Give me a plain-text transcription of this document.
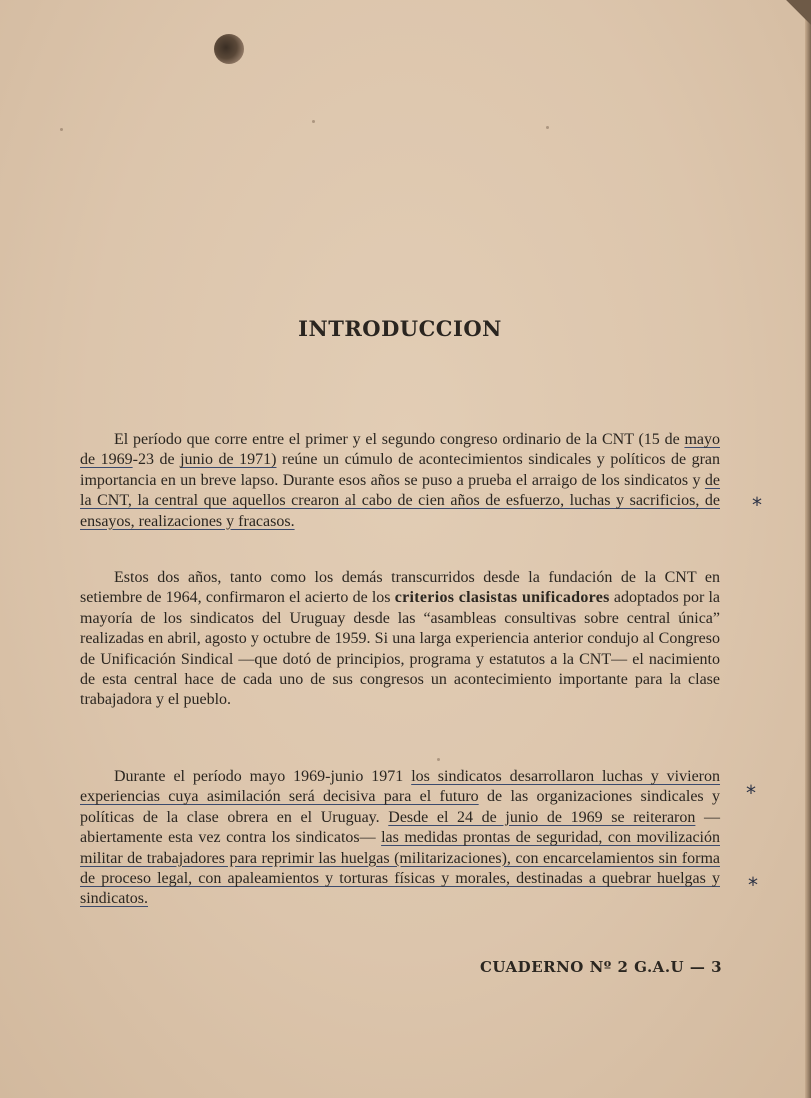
INTRODUCCION

El período que corre entre el primer y el segundo congreso ordinario de la CNT (15 de mayo de 1969-23 de junio de 1971) reúne un cúmulo de acontecimientos sindicales y políticos de gran importancia en un breve lapso. Durante esos años se puso a prueba el arraigo de los sindicatos y de la CNT, la central que aquellos crearon al cabo de cien años de esfuerzo, luchas y sacrificios, de ensayos, realizaciones y fracasos.

Estos dos años, tanto como los demás transcurridos desde la fundación de la CNT en setiembre de 1964, confirmaron el acierto de los criterios clasistas unificadores adoptados por la mayoría de los sindicatos del Uruguay desde las “asambleas consultivas sobre central única” realizadas en abril, agosto y octubre de 1959. Si una larga experiencia anterior condujo al Congreso de Unificación Sindical —que dotó de principios, programa y estatutos a la CNT— el nacimiento de esta central hace de cada uno de sus congresos un acontecimiento importante para la clase trabajadora y el pueblo.

Durante el período mayo 1969-junio 1971 los sindicatos desarrollaron luchas y vivieron experiencias cuya asimilación será decisiva para el futuro de las organizaciones sindicales y políticas de la clase obrera en el Uruguay. Desde el 24 de junio de 1969 se reiteraron —abiertamente esta vez contra los sindicatos— las medidas prontas de seguridad, con movilización militar de trabajadores para reprimir las huelgas (militarizaciones), con encarcelamientos sin forma de proceso legal, con apaleamientos y torturas físicas y morales, destinadas a quebrar huelgas y sindicatos.

*
*
*

CUADERNO Nº 2 G.A.U — 3
